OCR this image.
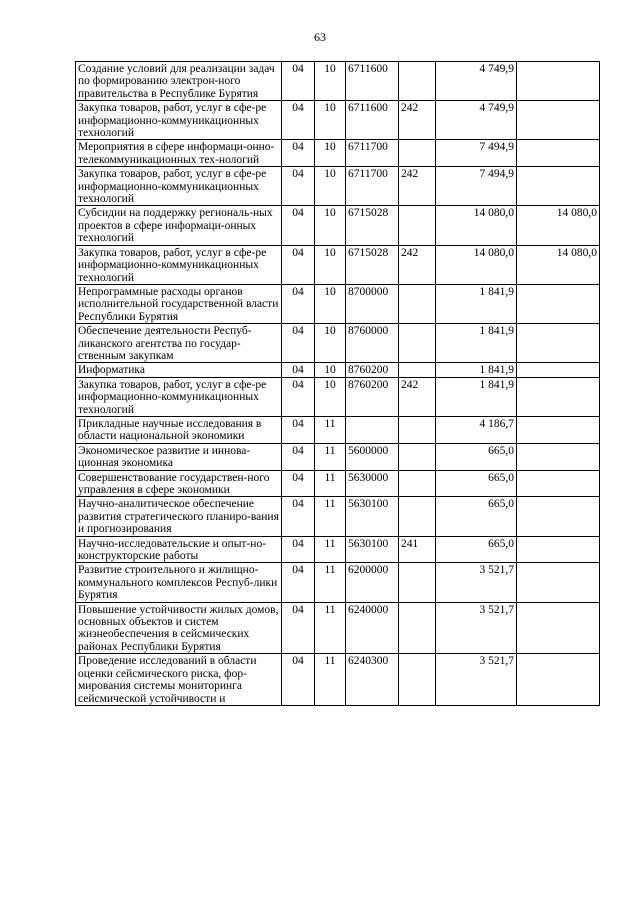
63
Создание условий для реализации задач по формированию электрон-ного правительства в Республике Бурятия	04	10	6711600		4 749,9	
Закупка товаров, работ, услуг в сфе-ре информационно-коммуникационных технологий	04	10	6711600	242	4 749,9	
Мероприятия в сфере информаци-онно-телекоммуникационных тех-нологий	04	10	6711700		7 494,9	
Закупка товаров, работ, услуг в сфе-ре информационно-коммуникационных технологий	04	10	6711700	242	7 494,9	
Субсидии на поддержку региональ-ных проектов в сфере информаци-онных технологий	04	10	6715028		14 080,0	14 080,0
Закупка товаров, работ, услуг в сфе-ре информационно-коммуникационных технологий	04	10	6715028	242	14 080,0	14 080,0
Непрограммные расходы органов исполнительной государственной власти Республики Бурятия	04	10	8700000		1 841,9	
Обеспечение деятельности Респуб-ликанского агентства по государ-ственным закупкам	04	10	8760000		1 841,9	
Информатика	04	10	8760200		1 841,9	
Закупка товаров, работ, услуг в сфе-ре информационно-коммуникационных технологий	04	10	8760200	242	1 841,9	
Прикладные научные исследования в области национальной экономики	04	11			4 186,7	
Экономическое развитие и иннова-ционная экономика	04	11	5600000		665,0	
Совершенствование государствен-ного управления в сфере экономики	04	11	5630000		665,0	
Научно-аналитическое обеспечение развития стратегического планиро-вания и прогнозирования	04	11	5630100		665,0	
Научно-исследовательские и опыт-но-конструкторские работы	04	11	5630100	241	665,0	
Развитие строительного и жилищно-коммунального комплексов Респуб-лики Бурятия	04	11	6200000		3 521,7	
Повышение устойчивости жилых домов, основных объектов и систем жизнеобеспечения в сейсмических районах Республики Бурятия	04	11	6240000		3 521,7	
Проведение исследований в области оценки сейсмического риска, фор-мирования системы мониторинга сейсмической устойчивости и	04	11	6240300		3 521,7	
